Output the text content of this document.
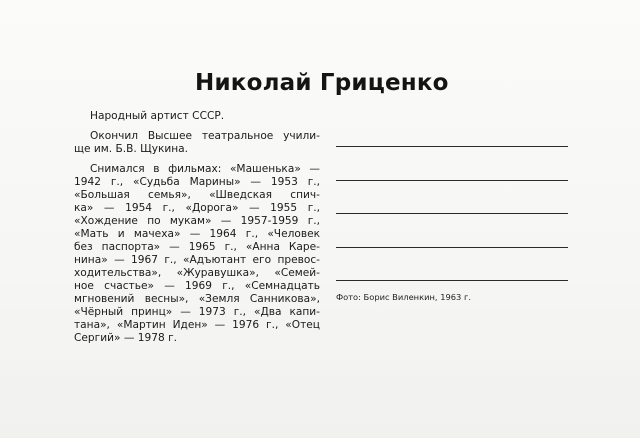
Николай Гриценко

Народный артист СССР.

Окончил Высшее театральное учили-
ще им. Б.В. Щукина.

Снимался в фильмах: «Машенька» —
1942 г., «Судьба Марины» — 1953 г.,
«Большая семья», «Шведская спич-
ка» — 1954 г., «Дорога» — 1955 г.,
«Хождение по мукам» — 1957-1959 г.,
«Мать и мачеха» — 1964 г., «Человек
без паспорта» — 1965 г., «Анна Каре-
нина» — 1967 г., «Адъютант его превос-
ходительства», «Журавушка», «Семей-
ное счастье» — 1969 г., «Семнадцать
мгновений весны», «Земля Санникова»,
«Чёрный принц» — 1973 г., «Два капи-
тана», «Мартин Иден» — 1976 г., «Отец
Сергий» — 1978 г.

Фото: Борис Виленкин, 1963 г.
